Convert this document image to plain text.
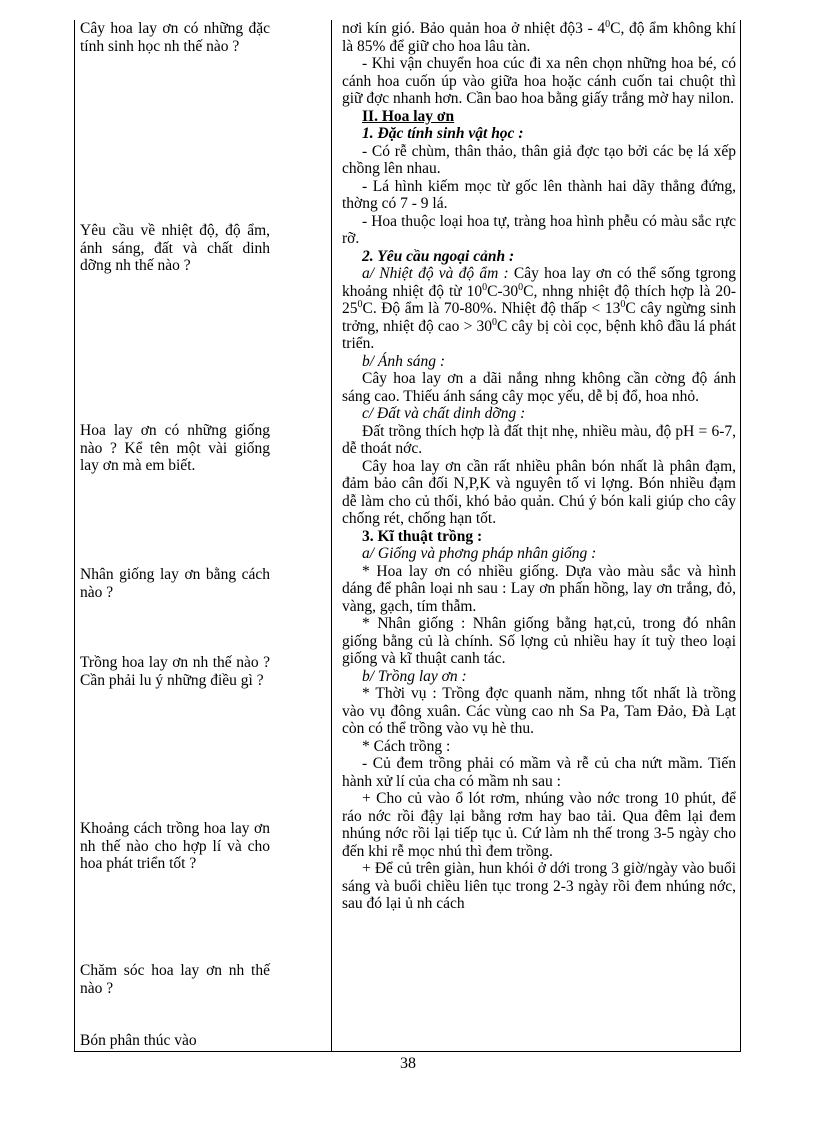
Cây hoa lay ơn có những đặc tính sinh học nh thế nào ?

Yêu cầu về nhiệt độ, độ ẩm, ánh sáng, đất và chất dinh dỡng nh thế nào ?

Hoa lay ơn có những giống nào ? Kể tên một vài giống lay ơn mà em biết.

Nhân giống lay ơn bằng cách nào ?

Trồng hoa lay ơn nh thế nào ? Cần phải lu ý những điều gì ?

Khoảng cách trồng hoa lay ơn nh thế nào cho hợp lí và cho hoa phát triển tốt ?

Chăm sóc hoa lay ơn nh thế nào ?

Bón phân thúc vào

nơi kín gió. Bảo quản hoa ở nhiệt độ3 - $4^0C$, độ ẩm không khí là 85% để giữ cho hoa lâu tàn.

- Khi vận chuyển hoa cúc đi xa nên chọn những hoa bé, có cánh hoa cuốn úp vào giữa hoa hoặc cánh cuốn tai chuột thì giữ đợc nhanh hơn. Cần bao hoa bằng giấy trắng mờ hay nilon.

II. Hoa lay ơn

1. Đặc tính sinh vật học :

- Có rễ chùm, thân thảo, thân giả đợc tạo bởi các bẹ lá xếp chồng lên nhau.

- Lá hình kiếm mọc từ gốc lên thành hai dãy thẳng đứng, thờng có 7 - 9 lá.

- Hoa thuộc loại hoa tự, tràng hoa hình phễu có màu sắc rực rỡ.

2. Yêu cầu ngoại cảnh :

a/ Nhiệt độ và độ ẩm : Cây hoa lay ơn có thể sống tgrong khoảng nhiệt độ từ $10^0C-30^0C$, nhng nhiệt độ thích hợp là $20-25^0C$. Độ ẩm là 70-80%. Nhiệt độ thấp < $13^0C$ cây ngừng sinh trởng, nhiệt độ cao > $30^0C$ cây bị còi cọc, bệnh khô đầu lá phát triển.

b/ Ánh sáng :

Cây hoa lay ơn a dãi nắng nhng không cần cờng độ ánh sáng cao. Thiếu ánh sáng cây mọc yếu, dễ bị đổ, hoa nhỏ.

c/ Đất và chất dinh dỡng :

Đất trồng thích hợp là đất thịt nhẹ, nhiều màu, độ pH = 6-7, dễ thoát nớc.

Cây hoa lay ơn cần rất nhiều phân bón nhất là phân đạm, đảm bảo cân đối N,P,K và nguyên tố vi lợng. Bón nhiều đạm dễ làm cho củ thối, khó bảo quản. Chú ý bón kali giúp cho cây chống rét, chống hạn tốt.

3. Kĩ thuật trồng :

a/ Giống và phơng pháp nhân giống :

* Hoa lay ơn có nhiều giống. Dựa vào màu sắc và hình dáng để phân loại nh sau : Lay ơn phấn hồng, lay ơn trắng, đỏ, vàng, gạch, tím thẫm.

* Nhân giống : Nhân giống bằng hạt,củ, trong đó nhân giống bằng củ là chính. Số lợng củ nhiều hay ít tuỳ theo loại giống và kĩ thuật canh tác.

b/ Trồng lay ơn :

* Thời vụ : Trồng đợc quanh năm, nhng tốt nhất là trồng vào vụ đông xuân. Các vùng cao nh Sa Pa, Tam Đảo, Đà Lạt còn có thể trồng vào vụ hè thu.

* Cách trồng :

- Củ đem trồng phải có mầm và rễ củ cha nứt mầm. Tiến hành xử lí của cha có mầm nh sau :

+ Cho củ vào ổ lót rơm, nhúng vào nớc trong 10 phút, để ráo nớc rồi đậy lại bằng rơm hay bao tải. Qua đêm lại đem nhúng nớc rồi lại tiếp tục ủ. Cứ làm nh thế trong 3-5 ngày cho đến khi rễ mọc nhú thì đem trồng.

+ Để củ trên giàn, hun khói ở dới trong 3 giờ/ngày vào buổi sáng và buổi chiều liên tục trong 2-3 ngày rồi đem nhúng nớc, sau đó lại ủ nh cách

38
